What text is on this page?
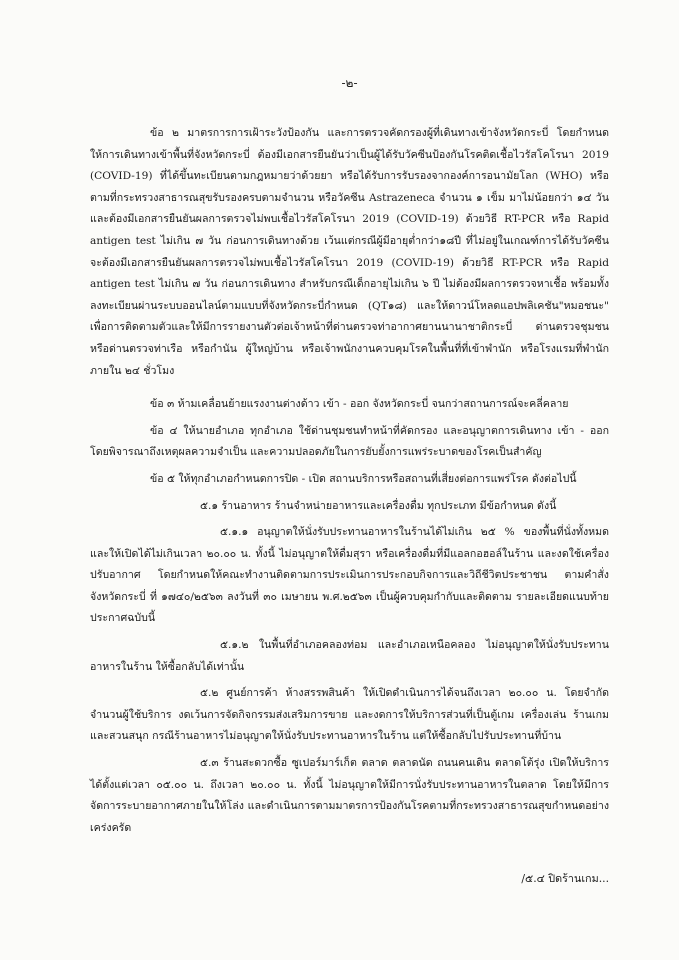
-๒-

ข้อ ๒ มาตรการการเฝ้าระวังป้องกัน และการตรวจคัดกรองผู้ที่เดินทางเข้าจังหวัดกระบี่ โดยกำหนดให้การเดินทางเข้าพื้นที่จังหวัดกระบี่ ต้องมีเอกสารยืนยันว่าเป็นผู้ได้รับวัคซีนป้องกันโรคติดเชื้อไวรัสโคโรนา 2019 (COVID-19) ที่ได้ขึ้นทะเบียนตามกฎหมายว่าด้วยยา หรือได้รับการรับรองจากองค์การอนามัยโลก (WHO) หรือตามที่กระทรวงสาธารณสุขรับรองครบตามจำนวน หรือวัคซีน Astrazeneca จำนวน ๑ เข็ม มาไม่น้อยกว่า ๑๔ วัน และต้องมีเอกสารยืนยันผลการตรวจไม่พบเชื้อไวรัสโคโรนา 2019 (COVID-19) ด้วยวิธี RT-PCR หรือ Rapid antigen test ไม่เกิน ๗ วัน ก่อนการเดินทางด้วย เว้นแต่กรณีผู้มีอายุต่ำกว่า๑๘ปี ที่ไม่อยู่ในเกณฑ์การได้รับวัคซีน จะต้องมีเอกสารยืนยันผลการตรวจไม่พบเชื้อไวรัสโคโรนา 2019 (COVID-19) ด้วยวิธี RT-PCR หรือ Rapid antigen test ไม่เกิน ๗ วัน ก่อนการเดินทาง สำหรับกรณีเด็กอายุไม่เกิน ๖ ปี ไม่ต้องมีผลการตรวจหาเชื้อ พร้อมทั้งลงทะเบียนผ่านระบบออนไลน์ตามแบบที่จังหวัดกระบี่กำหนด (QT๑๘) และให้ดาวน์โหลดแอปพลิเคชัน"หมอชนะ" เพื่อการติดตามตัวและให้มีการรายงานตัวต่อเจ้าหน้าที่ด่านตรวจท่าอากาศยานนานาชาติกระบี่ ด่านตรวจชุมชน หรือด่านตรวจท่าเรือ หรือกำนัน ผู้ใหญ่บ้าน หรือเจ้าพนักงานควบคุมโรคในพื้นที่ที่เข้าพำนัก หรือโรงแรมที่พำนัก ภายใน ๒๔ ชั่วโมง

ข้อ ๓ ห้ามเคลื่อนย้ายแรงงานต่างด้าว เข้า - ออก จังหวัดกระบี่ จนกว่าสถานการณ์จะคลี่คลาย

ข้อ ๔ ให้นายอำเภอ ทุกอำเภอ ใช้ด่านชุมชนทำหน้าที่คัดกรอง และอนุญาตการเดินทาง เข้า - ออก โดยพิจารณาถึงเหตุผลความจำเป็น และความปลอดภัยในการยับยั้งการแพร่ระบาดของโรคเป็นสำคัญ

ข้อ ๕ ให้ทุกอำเภอกำหนดการปิด - เปิด สถานบริการหรือสถานที่เสี่ยงต่อการแพร่โรค ดังต่อไปนี้

๕.๑ ร้านอาหาร ร้านจำหน่ายอาหารและเครื่องดื่ม ทุกประเภท มีข้อกำหนด ดังนี้

๕.๑.๑ อนุญาตให้นั่งรับประทานอาหารในร้านได้ไม่เกิน ๒๕ % ของพื้นที่นั่งทั้งหมด และให้เปิดได้ไม่เกินเวลา ๒๐.๐๐ น. ทั้งนี้ ไม่อนุญาตให้ดื่มสุรา หรือเครื่องดื่มที่มีแอลกอฮอล์ในร้าน และงดใช้เครื่องปรับอากาศ โดยกำหนดให้คณะทำงานติดตามการประเมินการประกอบกิจการและวิถีชีวิตประชาชน ตามคำสั่งจังหวัดกระบี่ ที่ ๑๗๔๐/๒๕๖๓ ลงวันที่ ๓๐ เมษายน พ.ศ.๒๕๖๓ เป็นผู้ควบคุมกำกับและติดตาม รายละเอียดแนบท้ายประกาศฉบับนี้

๕.๑.๒ ในพื้นที่อำเภอคลองท่อม และอำเภอเหนือคลอง ไม่อนุญาตให้นั่งรับประทานอาหารในร้าน ให้ซื้อกลับได้เท่านั้น

๕.๒ ศูนย์การค้า ห้างสรรพสินค้า ให้เปิดดำเนินการได้จนถึงเวลา ๒๐.๐๐ น. โดยจำกัดจำนวนผู้ใช้บริการ งดเว้นการจัดกิจกรรมส่งเสริมการขาย และงดการให้บริการส่วนที่เป็นตู้เกม เครื่องเล่น ร้านเกมและสวนสนุก กรณีร้านอาหารไม่อนุญาตให้นั่งรับประทานอาหารในร้าน แต่ให้ซื้อกลับไปรับประทานที่บ้าน

๕.๓ ร้านสะดวกซื้อ ซูเปอร์มาร์เก็ต ตลาด ตลาดนัด ถนนคนเดิน ตลาดโต้รุ่ง เปิดให้บริการได้ตั้งแต่เวลา ๐๕.๐๐ น. ถึงเวลา ๒๐.๐๐ น. ทั้งนี้ ไม่อนุญาตให้มีการนั่งรับประทานอาหารในตลาด โดยให้มีการจัดการระบายอากาศภายในให้โล่ง และดำเนินการตามมาตรการป้องกันโรคตามที่กระทรวงสาธารณสุขกำหนดอย่างเคร่งครัด

/๕.๔ ปิดร้านเกม...
